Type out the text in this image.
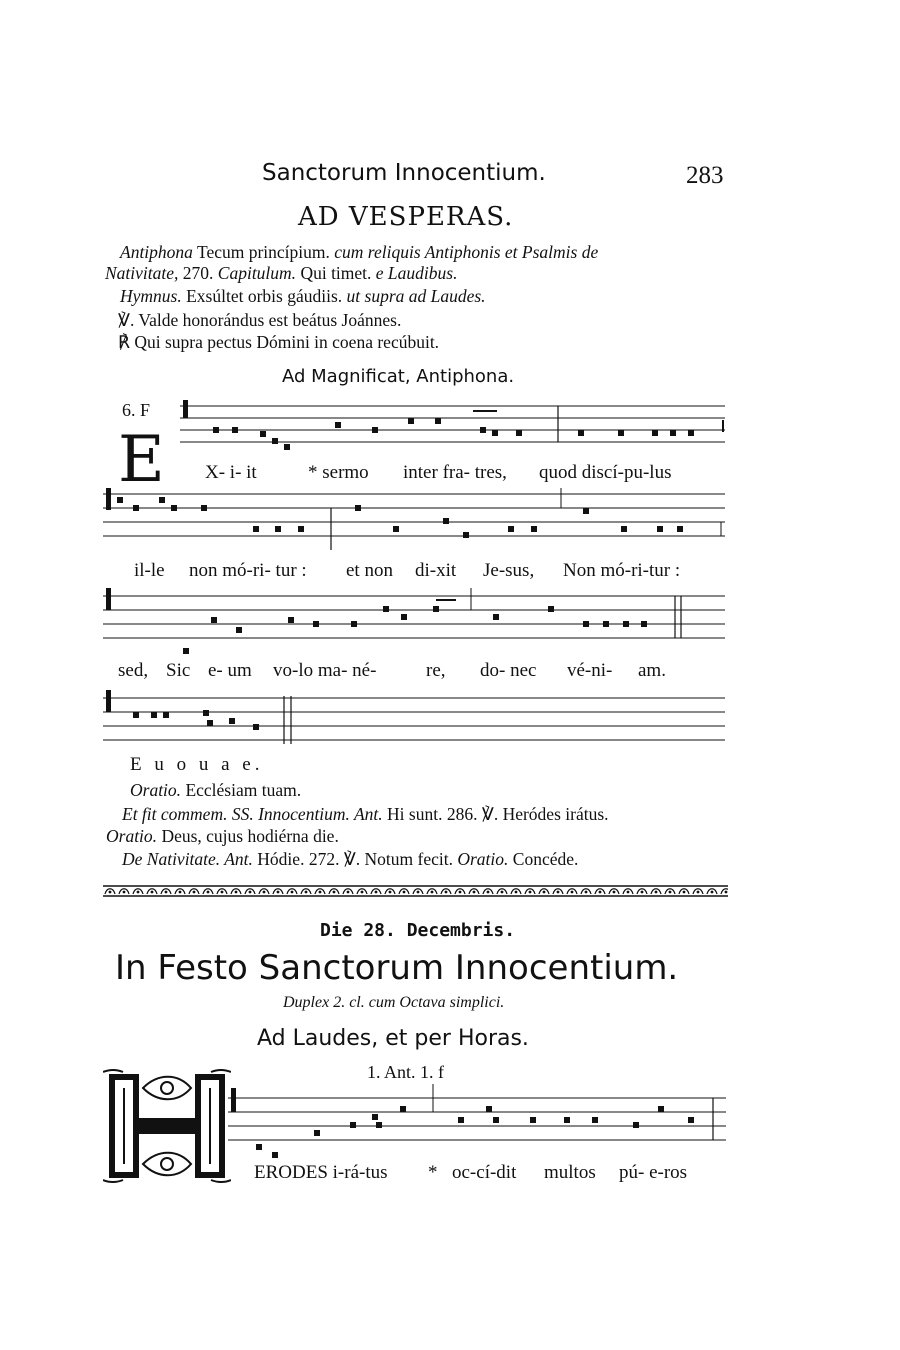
Sanctorum Innocentium.	283
AD VESPERAS.
Antiphona Tecum princípium. cum reliquis Antiphonis et Psalmis de
Nativitate, 270. Capitulum. Qui timet. e Laudibus.
Hymnus. Exsúltet orbis gáudiis. ut supra ad Laudes.
℣. Valde honorándus est beátus Joánnes.
℟ Qui supra pectus Dómini in coena recúbuit.
Ad Magnificat, Antiphona.
6. F
E X- i- it	* sermo inter fra- tres, quod discí-pu-lus
il-le non mó-ri- tur : et non di-xit Je-sus, Non mó-ri-tur :
sed, Sic e- um vo-lo ma- né-	re, do- nec vé-ni- am.
E u o u a e.
Oratio. Ecclésiam tuam.
Et fit commem. SS. Innocentium. Ant. Hi sunt. 286. ℣. Heródes irátus.
Oratio. Deus, cujus hodiérna die.
De Nativitate. Ant. Hódie. 272. ℣. Notum fecit. Oratio. Concéde.
Die 28. Decembris.
In Festo Sanctorum Innocentium.
Duplex 2. cl. cum Octava simplici.
Ad Laudes, et per Horas.
1. Ant. 1. f
ERODES i-rá-tus * oc-cí-dit multos pú- e-ros
